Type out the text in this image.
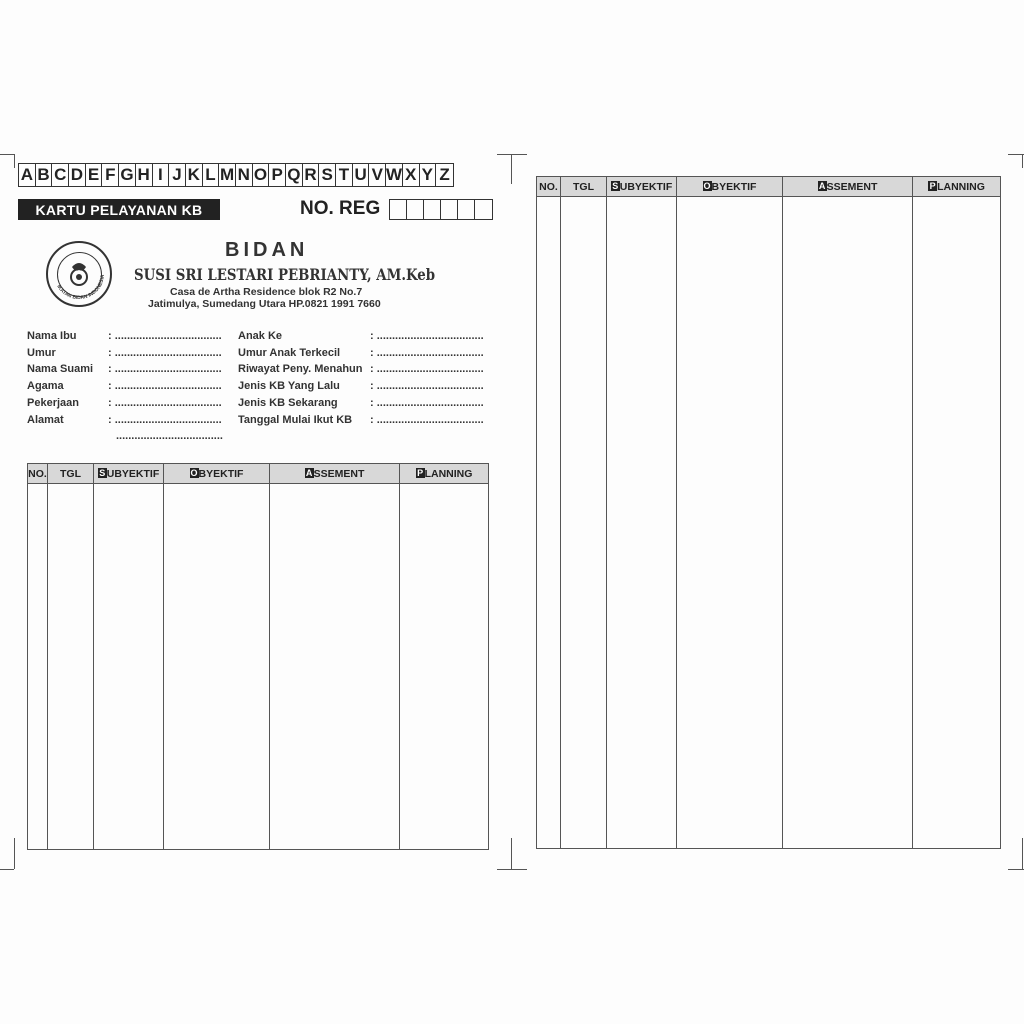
A B C D E F G H I J K L M N O P Q R S T U V W X Y Z
KARTU PELAYANAN KB	NO. REG
IKATAN BIDAN INDONESIA
BIDAN
SUSI SRI LESTARI PEBRIANTY, AM.Keb
Casa de Artha Residence blok R2 No.7
Jatimulya, Sumedang Utara HP.0821 1991 7660
Nama Ibu	: ...................................
Umur	: ...................................
Nama Suami : ...................................
Agama	: ...................................
Pekerjaan	: ...................................
Alamat	: ...................................
Anak Ke	: ...................................
Umur Anak Terkecil	: ...................................
Riwayat Peny. Menahun : ...................................
Jenis KB Yang Lalu	: ...................................
Jenis KB Sekarang	: ...................................
Tanggal Mulai Ikut KB : ...................................
...................................
NO.	TGL	S UBYEKTIF	OBYEKTIF	ASSEMENT	P LANNING

NO.	TGL	S UBYEKTIF	OBYEKTIF	ASSEMENT	P LANNING
